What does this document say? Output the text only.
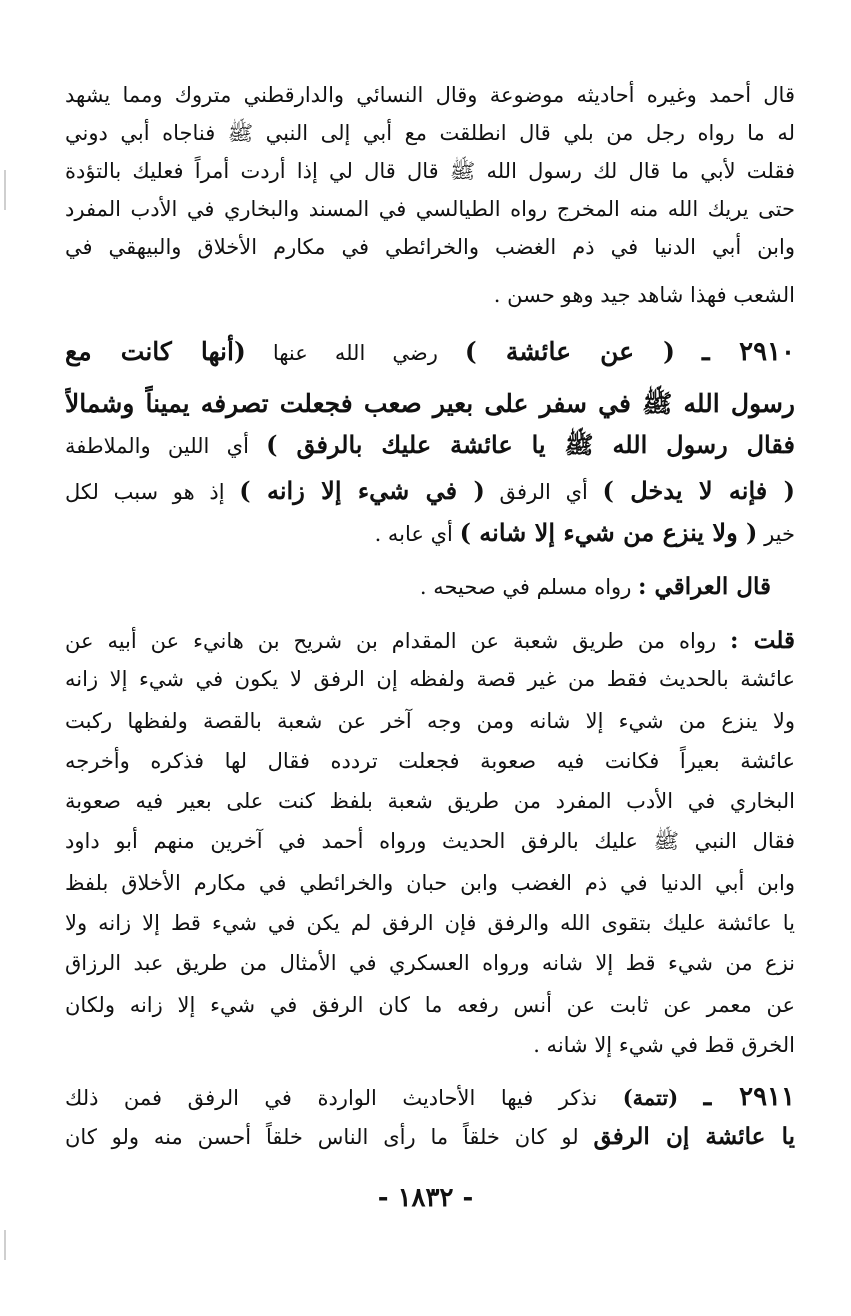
قال أحمد وغيره أحاديثه موضوعة وقال النسائي والدارقطني متروك ومما يشهد
له ما رواه رجل من بلي قال انطلقت مع أبي إلى النبي ﷺ فناجاه أبي دوني
فقلت لأبي ما قال لك رسول الله ﷺ قال قال لي إذا أردت أمراً فعليك بالتؤدة
حتى يريك الله منه المخرج رواه الطيالسي في المسند والبخاري في الأدب المفرد
وابن أبي الدنيا في ذم الغضب والخرائطي في مكارم الأخلاق والبيهقي في
الشعب فهذا شاهد جيد وهو حسن .
٢٩١٠ ـ ( عن عائشة ) رضي الله عنها (أنها كانت مع
رسول الله ﷺ في سفر على بعير صعب فجعلت تصرفه يميناً وشمالاً
فقال رسول الله ﷺ يا عائشة عليك بالرفق ) أي اللين والملاطفة
( فإنه لا يدخل ) أي الرفق ( في شيء إلا زانه ) إذ هو سبب لكل
خير ( ولا ينزع من شيء إلا شانه ) أي عابه .
قال العراقي : رواه مسلم في صحيحه .
قلت : رواه من طريق شعبة عن المقدام بن شريح بن هانيء عن أبيه عن
عائشة بالحديث فقط من غير قصة ولفظه إن الرفق لا يكون في شيء إلا زانه
ولا ينزع من شيء إلا شانه ومن وجه آخر عن شعبة بالقصة ولفظها ركبت
عائشة بعيراً فكانت فيه صعوبة فجعلت تردده فقال لها فذكره وأخرجه
البخاري في الأدب المفرد من طريق شعبة بلفظ كنت على بعير فيه صعوبة
فقال النبي ﷺ عليك بالرفق الحديث ورواه أحمد في آخرين منهم أبو داود
وابن أبي الدنيا في ذم الغضب وابن حبان والخرائطي في مكارم الأخلاق بلفظ
يا عائشة عليك بتقوى الله والرفق فإن الرفق لم يكن في شيء قط إلا زانه ولا
نزع من شيء قط إلا شانه ورواه العسكري في الأمثال من طريق عبد الرزاق
عن معمر عن ثابت عن أنس رفعه ما كان الرفق في شيء إلا زانه ولكان
الخرق قط في شيء إلا شانه .
٢٩١١ ـ (تتمة) نذكر فيها الأحاديث الواردة في الرفق فمن ذلك
يا عائشة إن الرفق لو كان خلقاً ما رأى الناس خلقاً أحسن منه ولو كان
- ١٨٣٢ -
